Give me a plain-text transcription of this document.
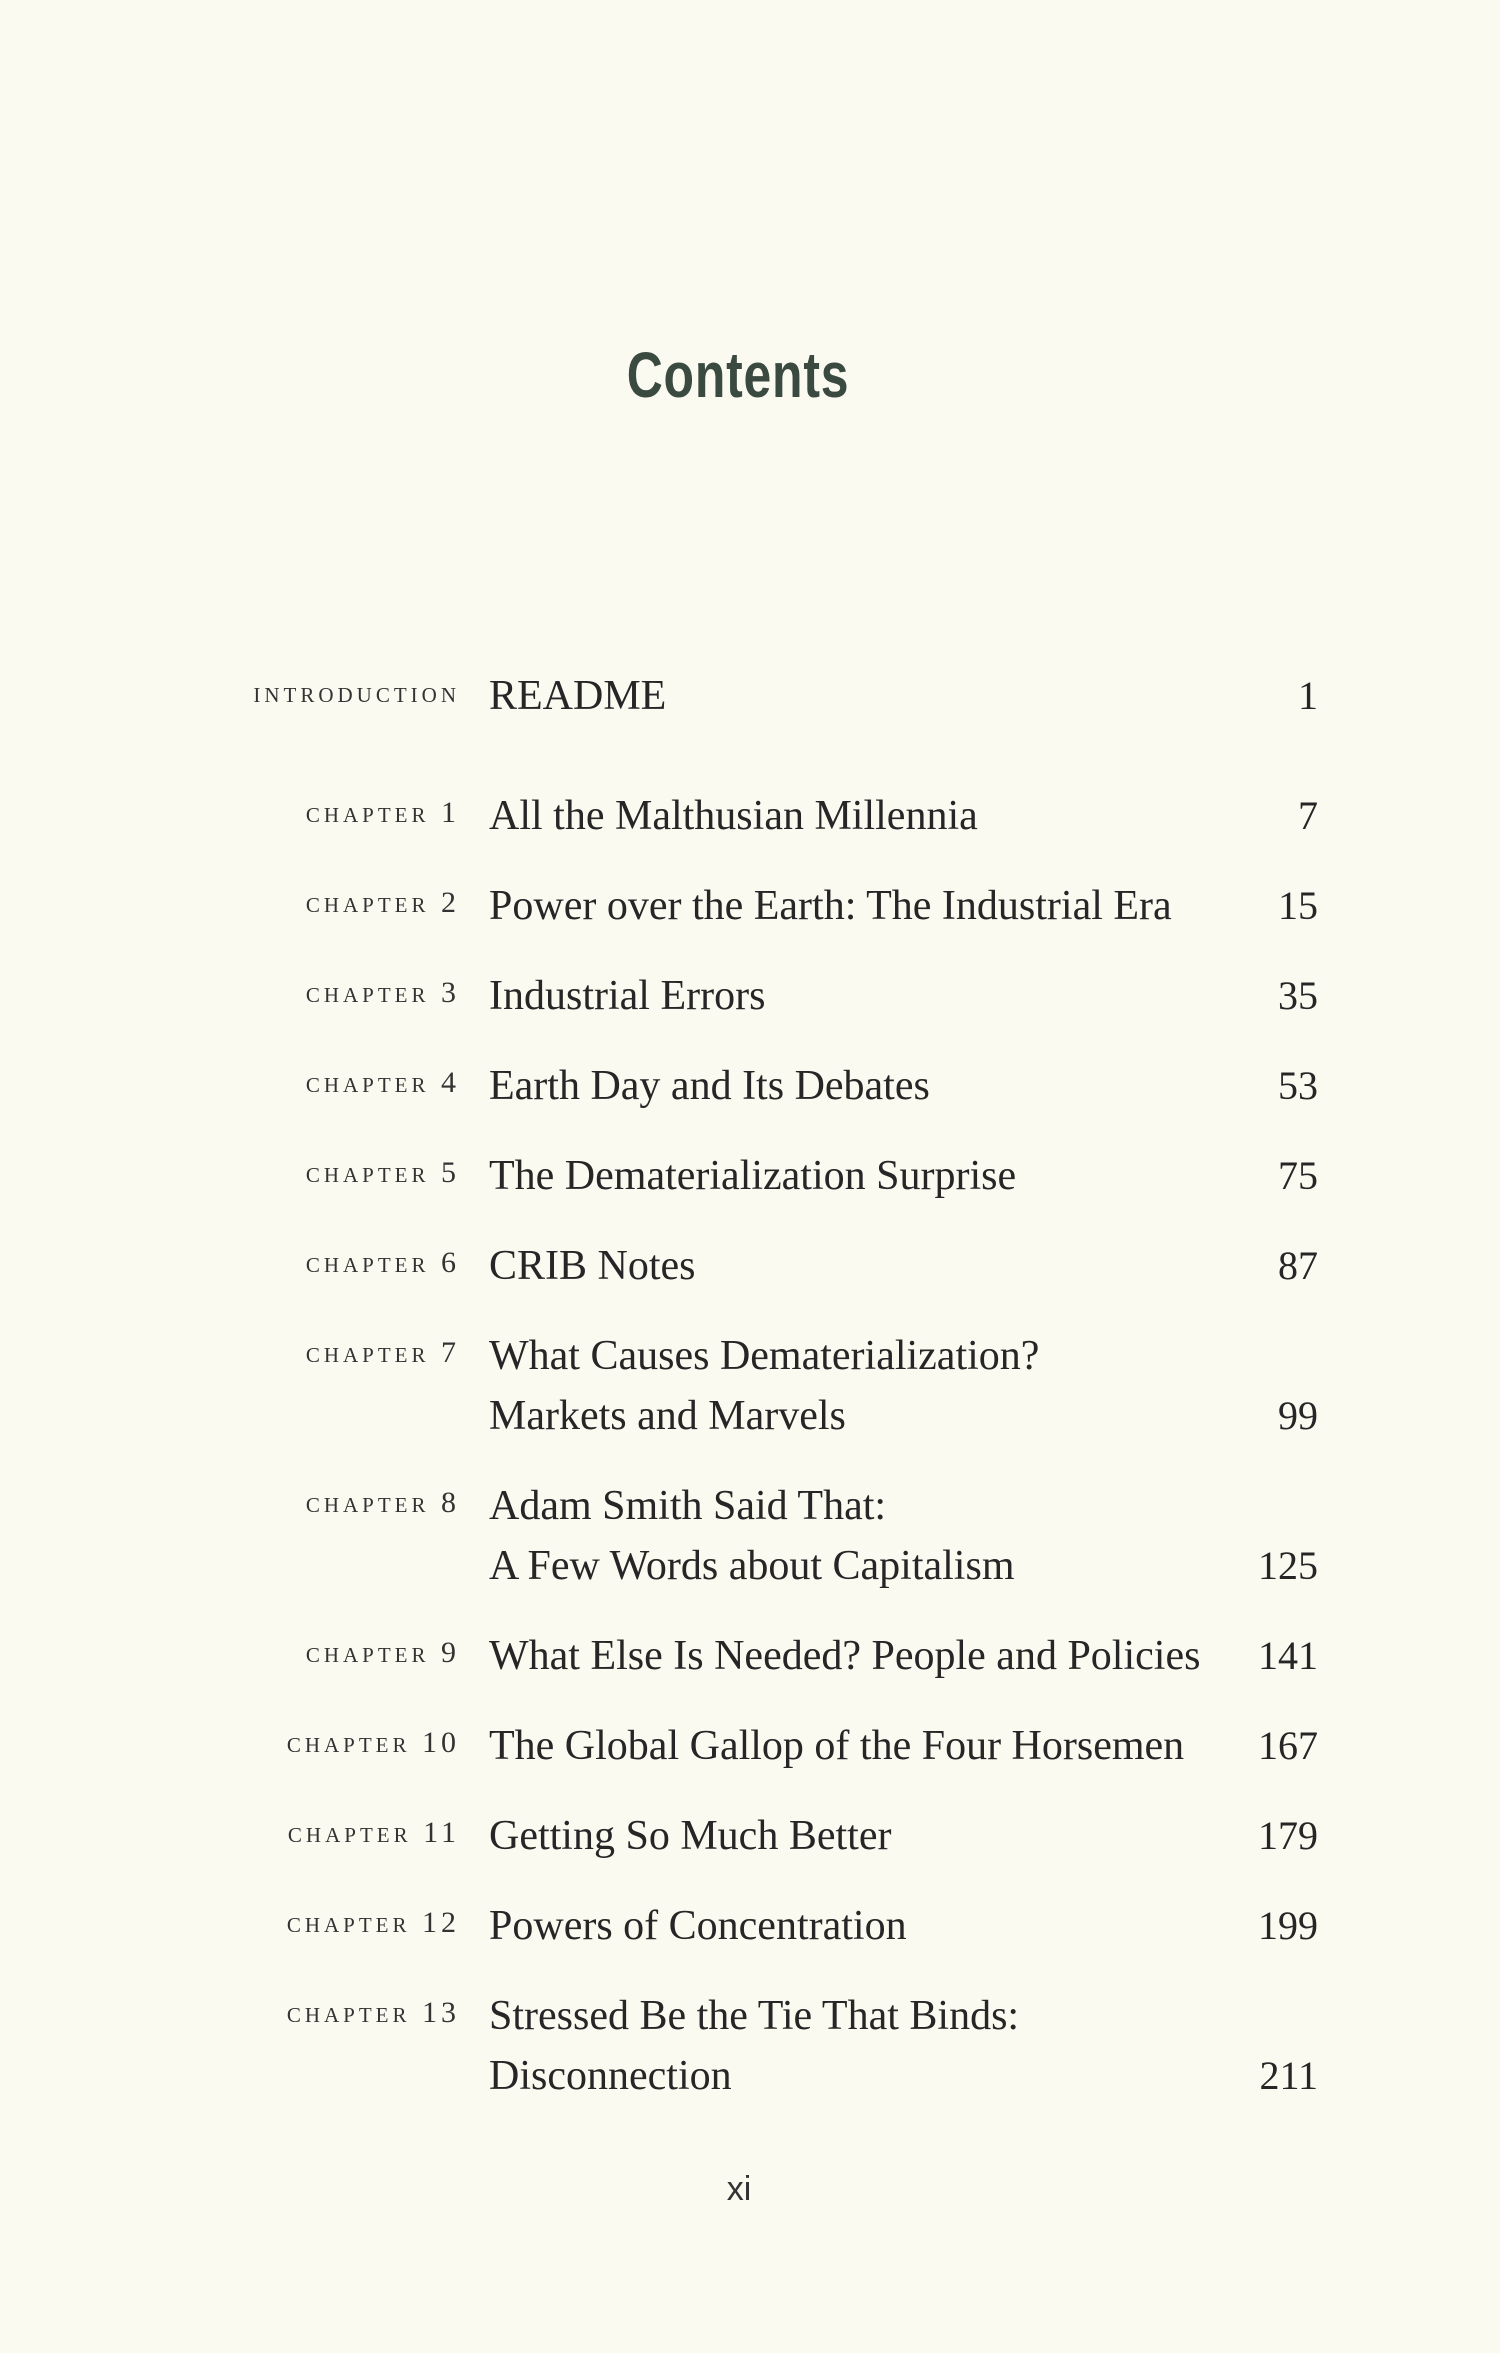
Contents
introduction README	1
chapter 1 All the Malthusian Millennia	7
chapter 2 Power over the Earth: The Industrial Era	15
chapter 3 Industrial Errors	35
chapter 4 Earth Day and Its Debates	53
chapter 5 The Dematerialization Surprise	75
chapter 6 CRIB Notes	87
chapter 7 What Causes Dematerialization?
Markets and Marvels	99
chapter 8 Adam Smith Said That:
A Few Words about Capitalism	125
chapter 9 What Else Is Needed? People and Policies 141
chapter 10 The Global Gallop of the Four Horsemen 167
chapter 11 Getting So Much Better	179
chapter 12 Powers of Concentration	199
chapter 13 Stressed Be the Tie That Binds:
Disconnection	211
xi
